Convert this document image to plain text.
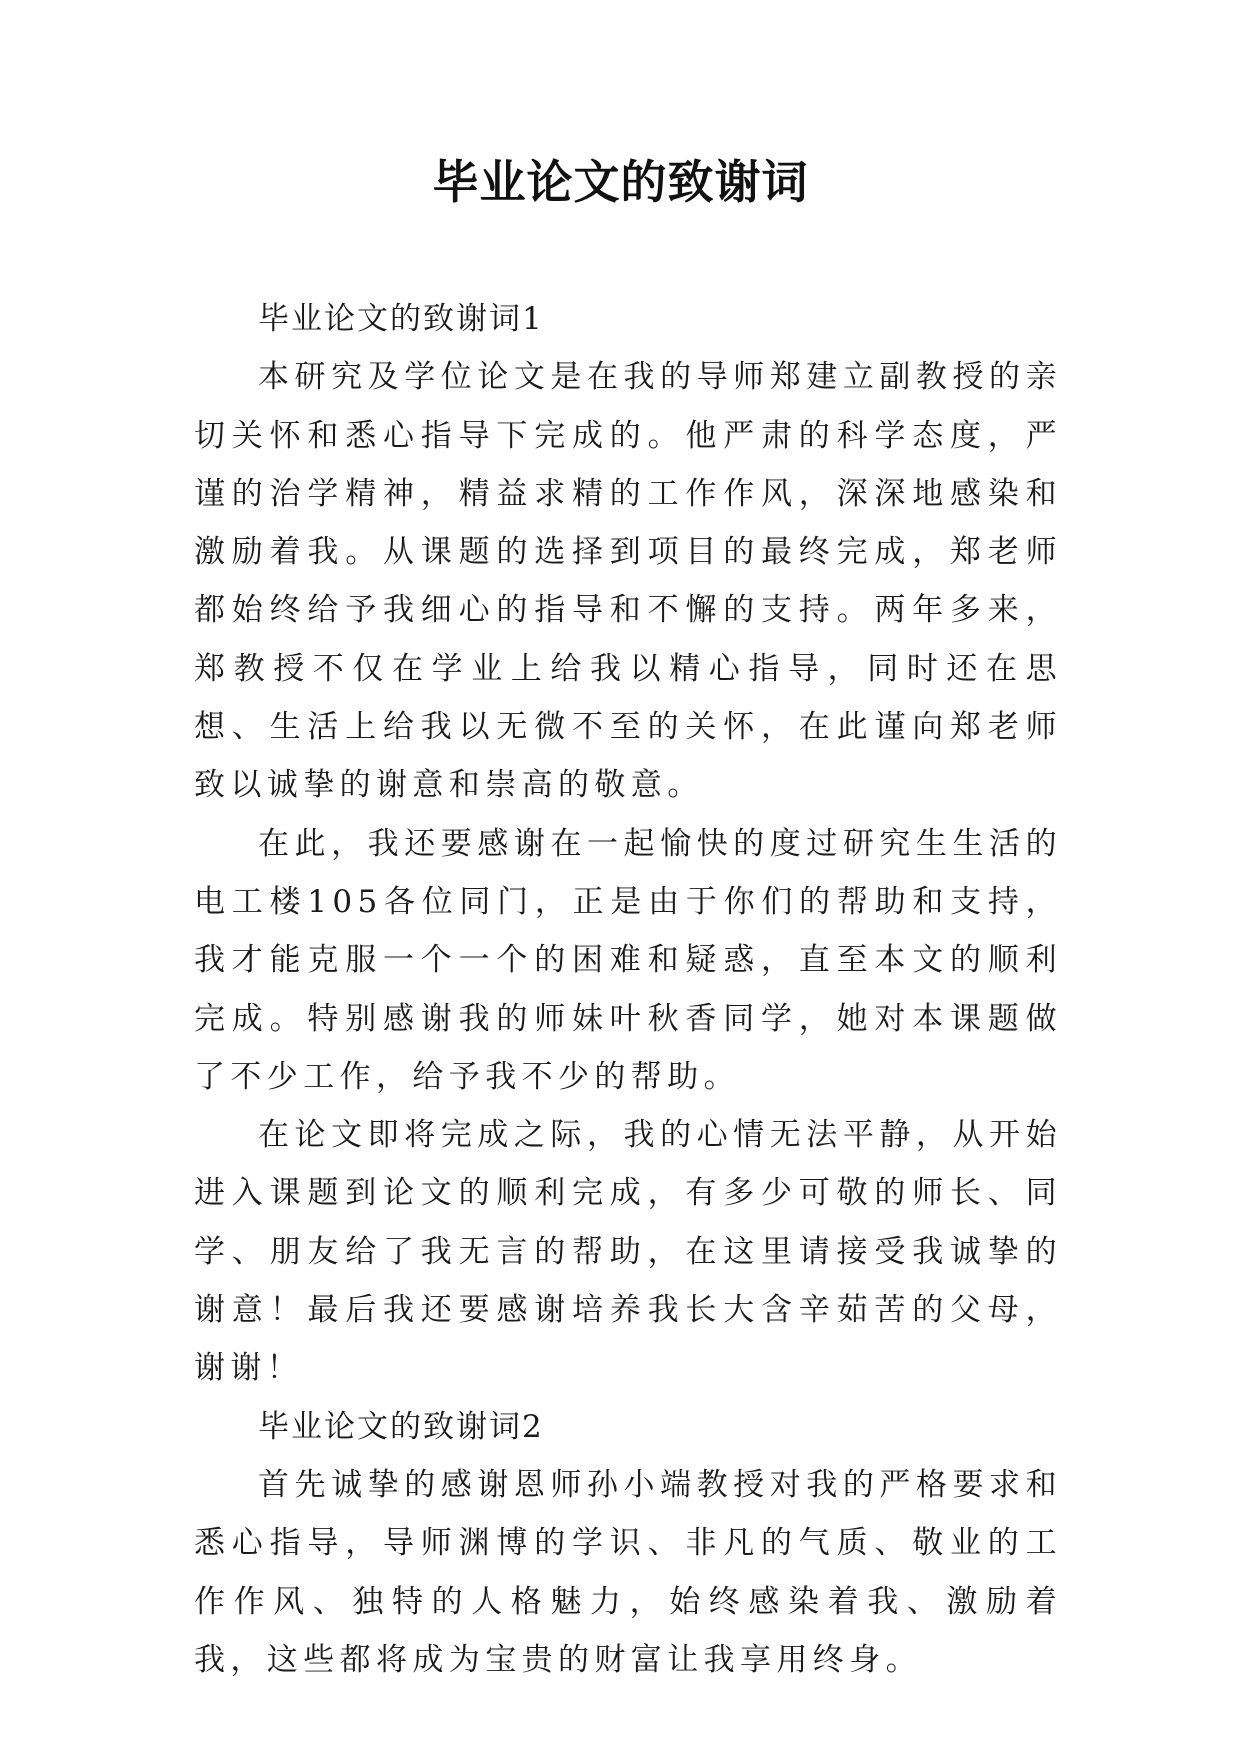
毕业论文的致谢词

毕业论文的致谢词1

本研究及学位论文是在我的导师郑建立副教授的亲切关怀和悉心指导下完成的。他严肃的科学态度，严谨的治学精神，精益求精的工作作风，深深地感染和激励着我。从课题的选择到项目的最终完成，郑老师都始终给予我细心的指导和不懈的支持。两年多来，郑教授不仅在学业上给我以精心指导，同时还在思想、生活上给我以无微不至的关怀，在此谨向郑老师致以诚挚的谢意和崇高的敬意。

在此，我还要感谢在一起愉快的度过研究生生活的电工楼105各位同门，正是由于你们的帮助和支持，我才能克服一个一个的困难和疑惑，直至本文的顺利完成。特别感谢我的师妹叶秋香同学，她对本课题做了不少工作，给予我不少的帮助。

在论文即将完成之际，我的心情无法平静，从开始进入课题到论文的顺利完成，有多少可敬的师长、同学、朋友给了我无言的帮助，在这里请接受我诚挚的谢意！最后我还要感谢培养我长大含辛茹苦的父母，谢谢！

毕业论文的致谢词2

首先诚挚的感谢恩师孙小端教授对我的严格要求和悉心指导，导师渊博的学识、非凡的气质、敬业的工作作风、独特的人格魅力，始终感染着我、激励着我，这些都将成为宝贵的财富让我享用终身。
